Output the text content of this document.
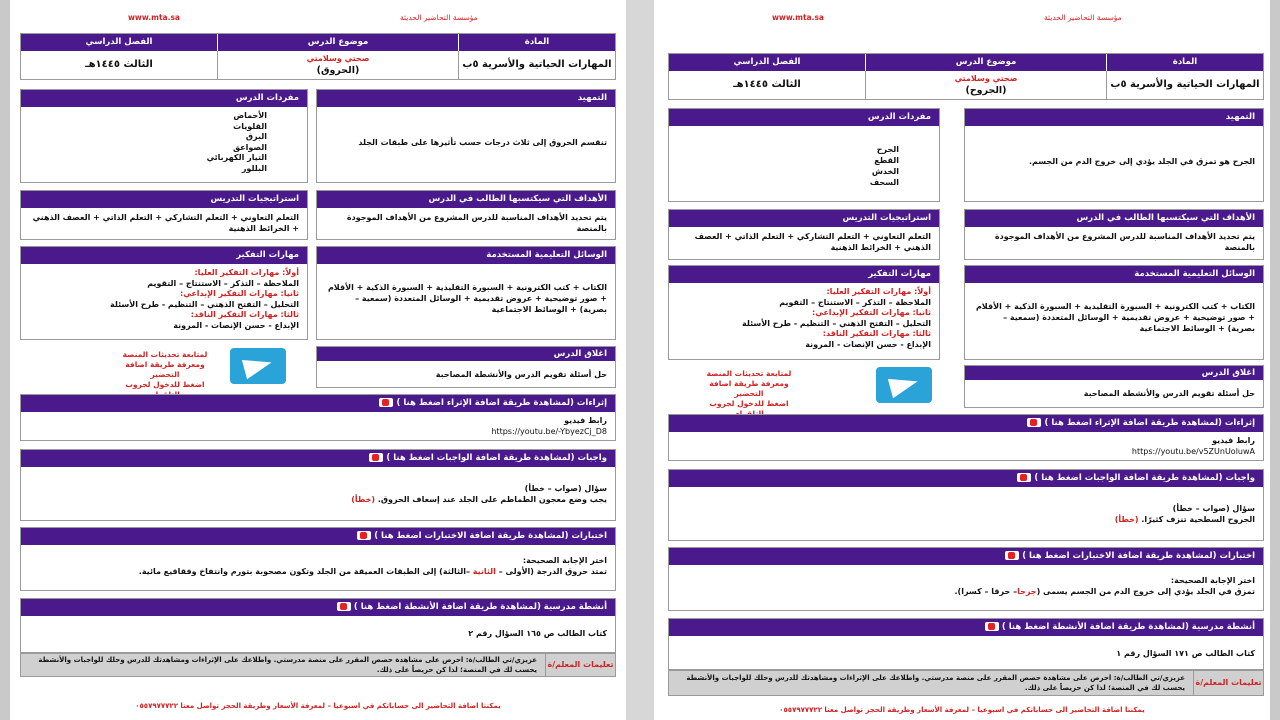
www.mta.sa	مؤسسة التحاضير الحديثة
المادة
موضوع الدرس
الفصل الدراسي
المهارات الحياتية والأسرية ٥ب
صحتي وسلامتي
(الحروق)
الثالث ١٤٤٥هـ
التمهيد
تنقسم الحروق إلى ثلاث درجات حسب تأثيرها على طبقات الجلد
مفردات الدرس
الأحماض
القلويات
البرق
الصواعق
التيار الكهربائي
البللور
الأهداف التي سيكتسبها الطالب في الدرس
يتم تحديد الأهداف المناسبة للدرس المشروع من الأهداف الموجودة بالمنصة
استراتيجيات التدريس
التعلم التعاوني + التعلم التشاركي + التعلم الذاتي + العصف الذهني + الخرائط الذهنية
الوسائل التعليمية المستخدمة
الكتاب + كتب الكترونية + السبورة التقليدية + السبورة الذكية + الأقلام + صور توضيحية + عروض تقديمية + الوسائل المتعددة (سمعية – بصرية) + الوسائط الاجتماعية
مهارات التفكير
أولاً: مهارات التفكير العليا:
الملاحظة – التذكر – الاستنتاج – التقويم
ثانيا: مهارات التفكير الإبداعي:
التحليل – التفتح الذهني – التنظيم - طرح الأسئلة
ثالثا: مهارات التفكير الناقد:
الإبداع - حسن الإنصات - المرونة
اغلاق الدرس
حل أسئلة تقويم الدرس والأنشطة المصاحبة
لمتابعة تحديثات المنصة
ومعرفة طريقة اضافة التحضير
اضغط للدخول لجروب
إثراءات (لمشاهدة طريقة اضافة الإثراء اضغط هنا )
رابط فيديو
https://youtu.be/-YbyezCj_D8
واجبات (لمشاهدة طريقة اضافة الواجبات اضغط هنا )
سؤال (صواب – خطأ)
يجب وضع معجون الطماطم على الجلد عند إسعاف الحروق. (خطأ)
اختبارات (لمشاهدة طريقة اضافة الاختبارات اضغط هنا )
اختر الإجابة الصحيحة:
تمتد حروق الدرجة (الأولى – الثانية –الثالثة) إلى الطبقات العميقة من الجلد وتكون مصحوبة بتورم وانتفاخ وفقاقيع مائية.
أنشطة مدرسية (لمشاهدة طريقة اضافة الأنشطة اضغط هنا )
كتاب الطالب ص ١٦٥ السؤال رقم ٢
تعليمات المعلم/ة
عزيزي/تي الطالب/ة: احرص على مشاهدة حصص المقرر على منصة مدرستي. واطلاعك على الإثراءات ومشاهدتك للدرس وحلك للواجبات والأنشطة يحسب لك في المنصة؛ لذا كن حريصاً على ذلك.
يمكننا اضافة التحاضير الى حساباتكم في اسبوعيا – لمعرفة الأسعار وطريقة الحجز تواصل معنا ٠٥٥٧٩٧٧٧٢٢
www.mta.sa	مؤسسة التحاضير الحديثة
المادة
موضوع الدرس
الفصل الدراسي
المهارات الحياتية والأسرية ٥ب
صحتي وسلامتي
(الجروح)
الثالث ١٤٤٥هـ
التمهيد
الجرح هو تمزق في الجلد يؤدي إلى خروج الدم من الجسم.
مفردات الدرس
الجرح
القطع
الخدش
السحف
الأهداف التي سيكتسبها الطالب في الدرس
يتم تحديد الأهداف المناسبة للدرس المشروع من الأهداف الموجودة بالمنصة
استراتيجيات التدريس
التعلم التعاوني + التعلم التشاركي + التعلم الذاتي + العصف الذهني + الخرائط الذهنية
الوسائل التعليمية المستخدمة
الكتاب + كتب الكترونية + السبورة التقليدية + السبورة الذكية + الأقلام + صور توضيحية + عروض تقديمية + الوسائل المتعددة (سمعية – بصرية) + الوسائط الاجتماعية
مهارات التفكير
أولاً: مهارات التفكير العليا:
الملاحظة – التذكر – الاستنتاج – التقويم
ثانيا: مهارات التفكير الإبداعي:
التحليل – التفتح الذهني – التنظيم - طرح الأسئلة
ثالثا: مهارات التفكير الناقد:
الإبداع - حسن الإنصات - المرونة
اغلاق الدرس
حل أسئلة تقويم الدرس والأنشطة المصاحبة
لمتابعة تحديثات المنصة
ومعرفة طريقة اضافة التحضير
اضغط للدخول لجروب
إثراءات (لمشاهدة طريقة اضافة الإثراء اضغط هنا )
رابط فيديو
https://youtu.be/v5ZUnUoluwA
واجبات (لمشاهدة طريقة اضافة الواجبات اضغط هنا )
سؤال (صواب – خطأ)
الجروح السطحية تنزف كثيرًا. (خطأ)
اختبارات (لمشاهدة طريقة اضافة الاختبارات اضغط هنا )
اختر الإجابة الصحيحة:
تمزق في الجلد يؤدي إلى خروج الدم من الجسم يسمى (جرحا– حرقا – كسرا).
أنشطة مدرسية (لمشاهدة طريقة اضافة الأنشطة اضغط هنا )
كتاب الطالب ص ١٧١ السؤال رقم ١
تعليمات المعلم/ة
عزيزي/تي الطالب/ة: احرص على مشاهدة حصص المقرر على منصة مدرستي. واطلاعك على الإثراءات ومشاهدتك للدرس وحلك للواجبات والأنشطة يحسب لك في المنصة؛ لذا كن حريصاً على ذلك.
يمكننا اضافة التحاضير الى حساباتكم في اسبوعيا – لمعرفة الأسعار وطريقة الحجز تواصل معنا ٠٥٥٧٩٧٧٧٢٢
